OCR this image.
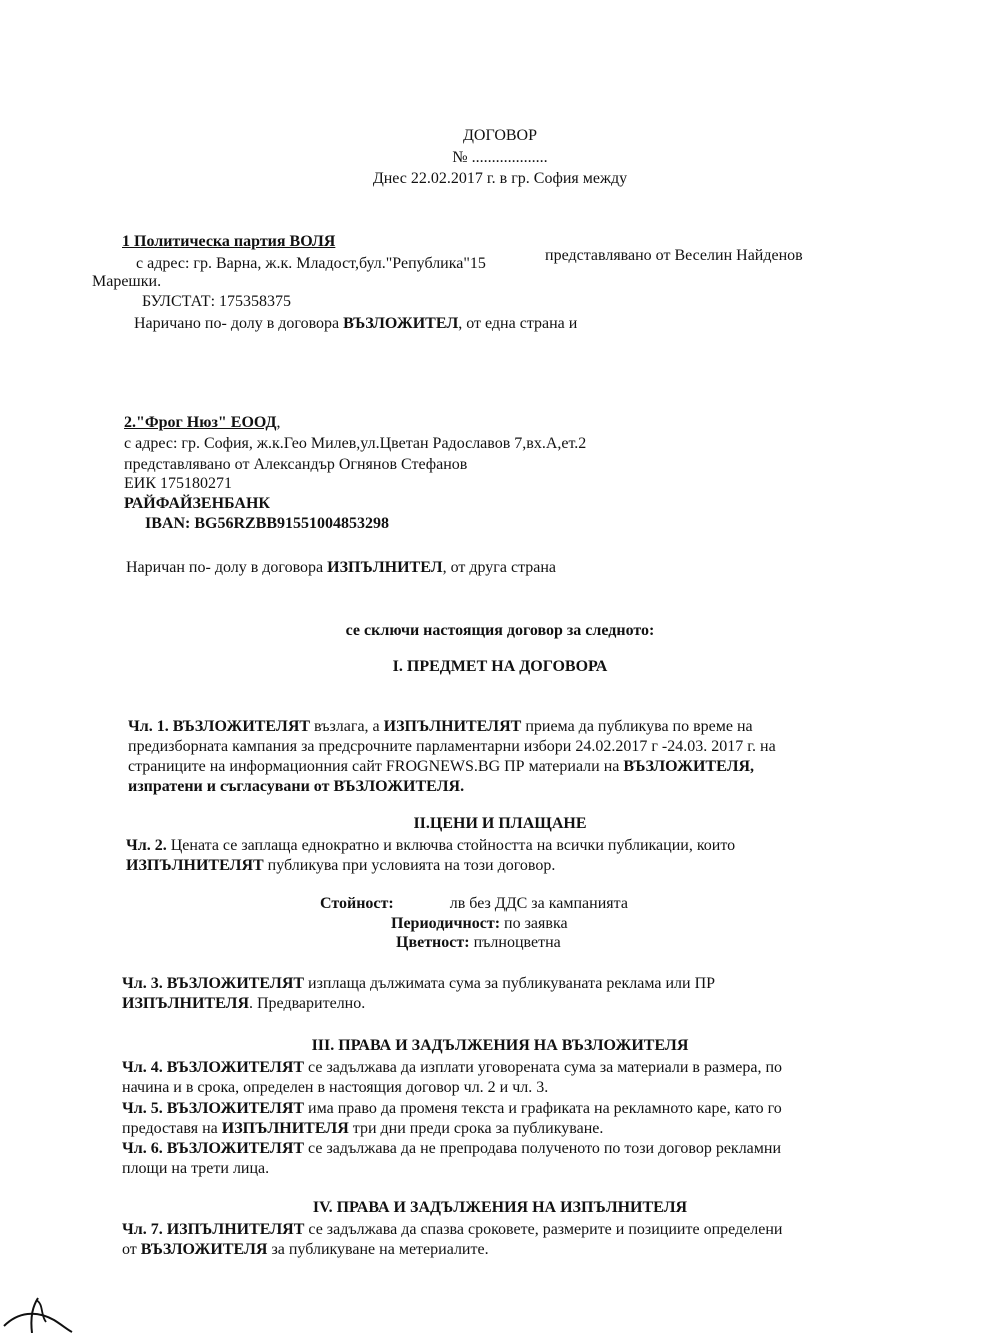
ДОГОВОР
№ ...................
Днес 22.02.2017 г. в гр. София между
1 Политическа партия ВОЛЯ
с адрес: гр. Варна, ж.к. Младост,бул."Република"15	представлявано от Веселин Найденов
Марешки.
БУЛСТАТ: 175358375
Наричано по- долу в договора ВЪЗЛОЖИТЕЛ, от една страна и
2."Фрог Нюз" ЕООД,
с адрес: гр. София, ж.к.Гео Милев,ул.Цветан Радославов 7,вх.А,ет.2
представлявано от Александър Огнянов Стефанов
ЕИК 175180271
РАЙФАЙЗЕНБАНК
IBAN: BG56RZBB91551004853298
Наричан по- долу в договора ИЗПЪЛНИТЕЛ, от друга страна
се сключи настоящия договор за следното:
I. ПРЕДМЕТ НА ДОГОВОРА
Чл. 1. ВЪЗЛОЖИТЕЛЯТ възлага, а ИЗПЪЛНИТЕЛЯТ приема да публикува по време на
предизборната кампания за предсрочните парламентарни избори 24.02.2017 г -24.03. 2017 г. на
страниците на информационния сайт FROGNEWS.BG ПР материали на ВЪЗЛОЖИТЕЛЯ,
изпратени и съгласувани от ВЪЗЛОЖИТЕЛЯ.
II.ЦЕНИ И ПЛАЩАНЕ
Чл. 2. Цената се заплаща еднократно и включва стойността на всички публикации, които
ИЗПЪЛНИТЕЛЯТ публикува при условията на този договор.
Стойност:	лв без ДДС за кампанията
Периодичност: по заявка
Цветност: пълноцветна
Чл. 3. ВЪЗЛОЖИТЕЛЯТ изплаща дължимата сума за публикуваната реклама или ПР
ИЗПЪЛНИТЕЛЯ. Предварително.
III. ПРАВА И ЗАДЪЛЖЕНИЯ НА ВЪЗЛОЖИТЕЛЯ
Чл. 4. ВЪЗЛОЖИТЕЛЯТ се задължава да изплати уговорената сума за материали в размера, по
начина и в срока, определен в настоящия договор чл. 2 и чл. 3.
Чл. 5. ВЪЗЛОЖИТЕЛЯТ има право да променя текста и графиката на рекламното каре, като го
предоставя на ИЗПЪЛНИТЕЛЯ три дни преди срока за публикуване.
Чл. 6. ВЪЗЛОЖИТЕЛЯТ се задължава да не препродава полученото по този договор рекламни
площи на трети лица.
IV. ПРАВА И ЗАДЪЛЖЕНИЯ НА ИЗПЪЛНИТЕЛЯ
Чл. 7. ИЗПЪЛНИТЕЛЯТ се задължава да спазва сроковете, размерите и позициите определени
от ВЪЗЛОЖИТЕЛЯ за публикуване на метериалите.
